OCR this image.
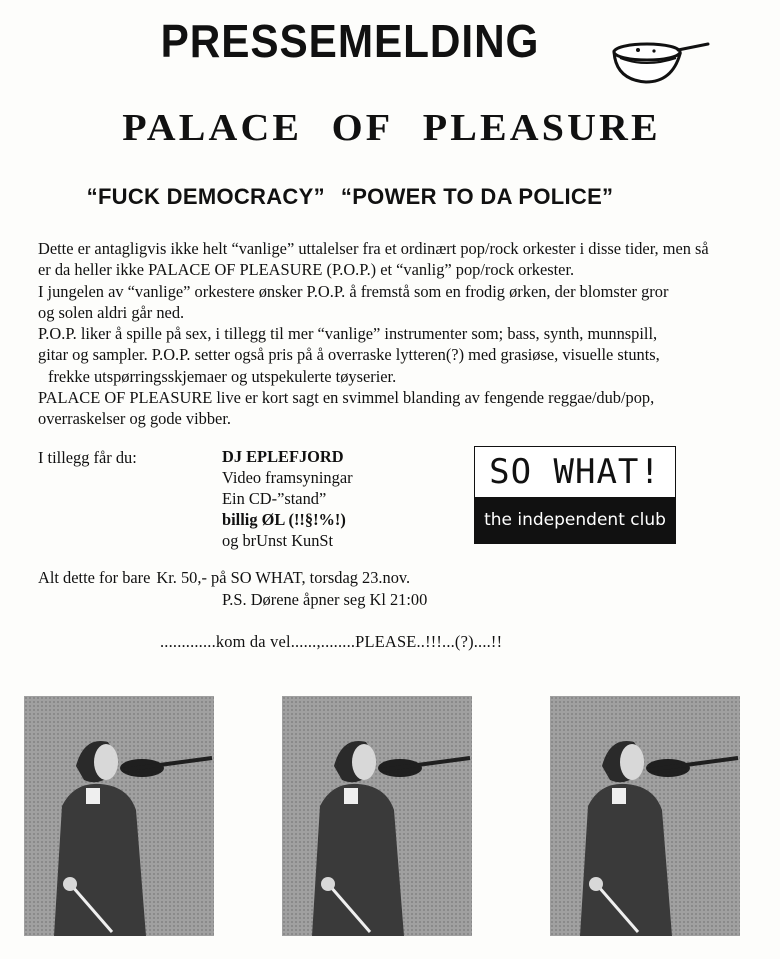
PRESSEMELDING
PALACE OF PLEASURE
“FUCK DEMOCRACY” “POWER TO DA POLICE”

Dette er antagligvis ikke helt “vanlige” uttalelser fra et ordinært pop/rock orkester i disse tider, men så

er da heller ikke PALACE OF PLEASURE (P.O.P.) et “vanlig” pop/rock orkester.

I jungelen av “vanlige” orkestere ønsker P.O.P. å fremstå som en frodig ørken, der blomster gror

og solen aldri går ned.

P.O.P. liker å spille på sex, i tillegg til mer “vanlige” instrumenter som; bass, synth, munnspill,

gitar og sampler. P.O.P. setter også pris på å overraske lytteren(?) med grasiøse, visuelle stunts,

frekke utspørringsskjemaer og utspekulerte tøyserier.

PALACE OF PLEASURE live er kort sagt en svimmel blanding av fengende reggae/dub/pop,

overraskelser og gode vibber.

I tillegg får du:	DJ EPLEFJORD
Video framsyningar
Ein CD-”stand”
billig ØL (!!§!%!)
og brUnst KunSt
SO WHAT!
the independent club
Alt dette for bare Kr. 50,- på SO WHAT, torsdag 23.nov.
P.S. Dørene åpner seg Kl 21:00
.............kom da vel......,........PLEASE..!!!...(?)....!!
